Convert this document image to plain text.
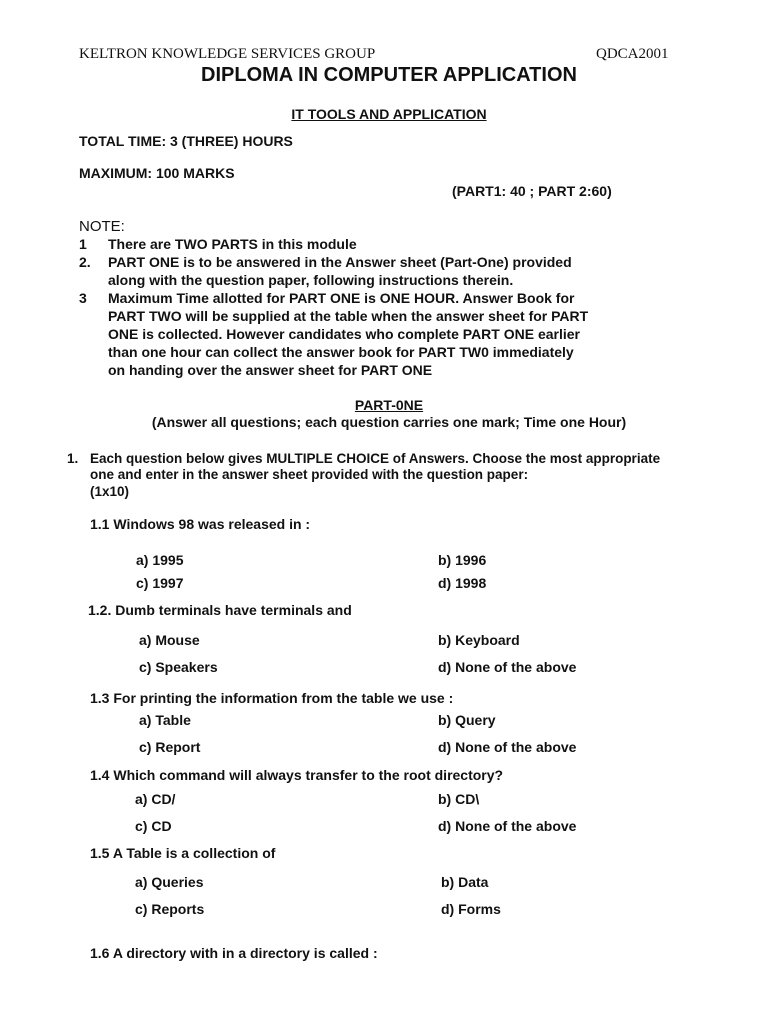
KELTRON KNOWLEDGE SERVICES GROUP	QDCA2001
DIPLOMA IN COMPUTER APPLICATION
IT TOOLS AND APPLICATION
TOTAL TIME: 3 (THREE) HOURS
MAXIMUM: 100 MARKS
(PART1: 40 ; PART 2:60)
NOTE:
1 There are TWO PARTS in this module
2. PART ONE is to be answered in the Answer sheet (Part-One) provided
along with the question paper, following instructions therein.
3 Maximum Time allotted for PART ONE is ONE HOUR. Answer Book for
PART TWO will be supplied at the table when the answer sheet for PART
ONE is collected. However candidates who complete PART ONE earlier
than one hour can collect the answer book for PART TW0 immediately
on handing over the answer sheet for PART ONE
PART-0NE
(Answer all questions; each question carries one mark; Time one Hour)
1. Each question below gives MULTIPLE CHOICE of Answers. Choose the most appropriate
one and enter in the answer sheet provided with the question paper:
(1x10)
1.1 Windows 98 was released in :
a) 1995	b) 1996
c) 1997	d) 1998
1.2. Dumb terminals have terminals and
a) Mouse	b) Keyboard
c) Speakers	d) None of the above
1.3 For printing the information from the table we use :
a) Table	b) Query
c) Report	d) None of the above
1.4 Which command will always transfer to the root directory?
a) CD/	b) CD\
c) CD	d) None of the above
1.5 A Table is a collection of
a) Queries	b) Data
c) Reports	d) Forms
1.6 A directory with in a directory is called :
